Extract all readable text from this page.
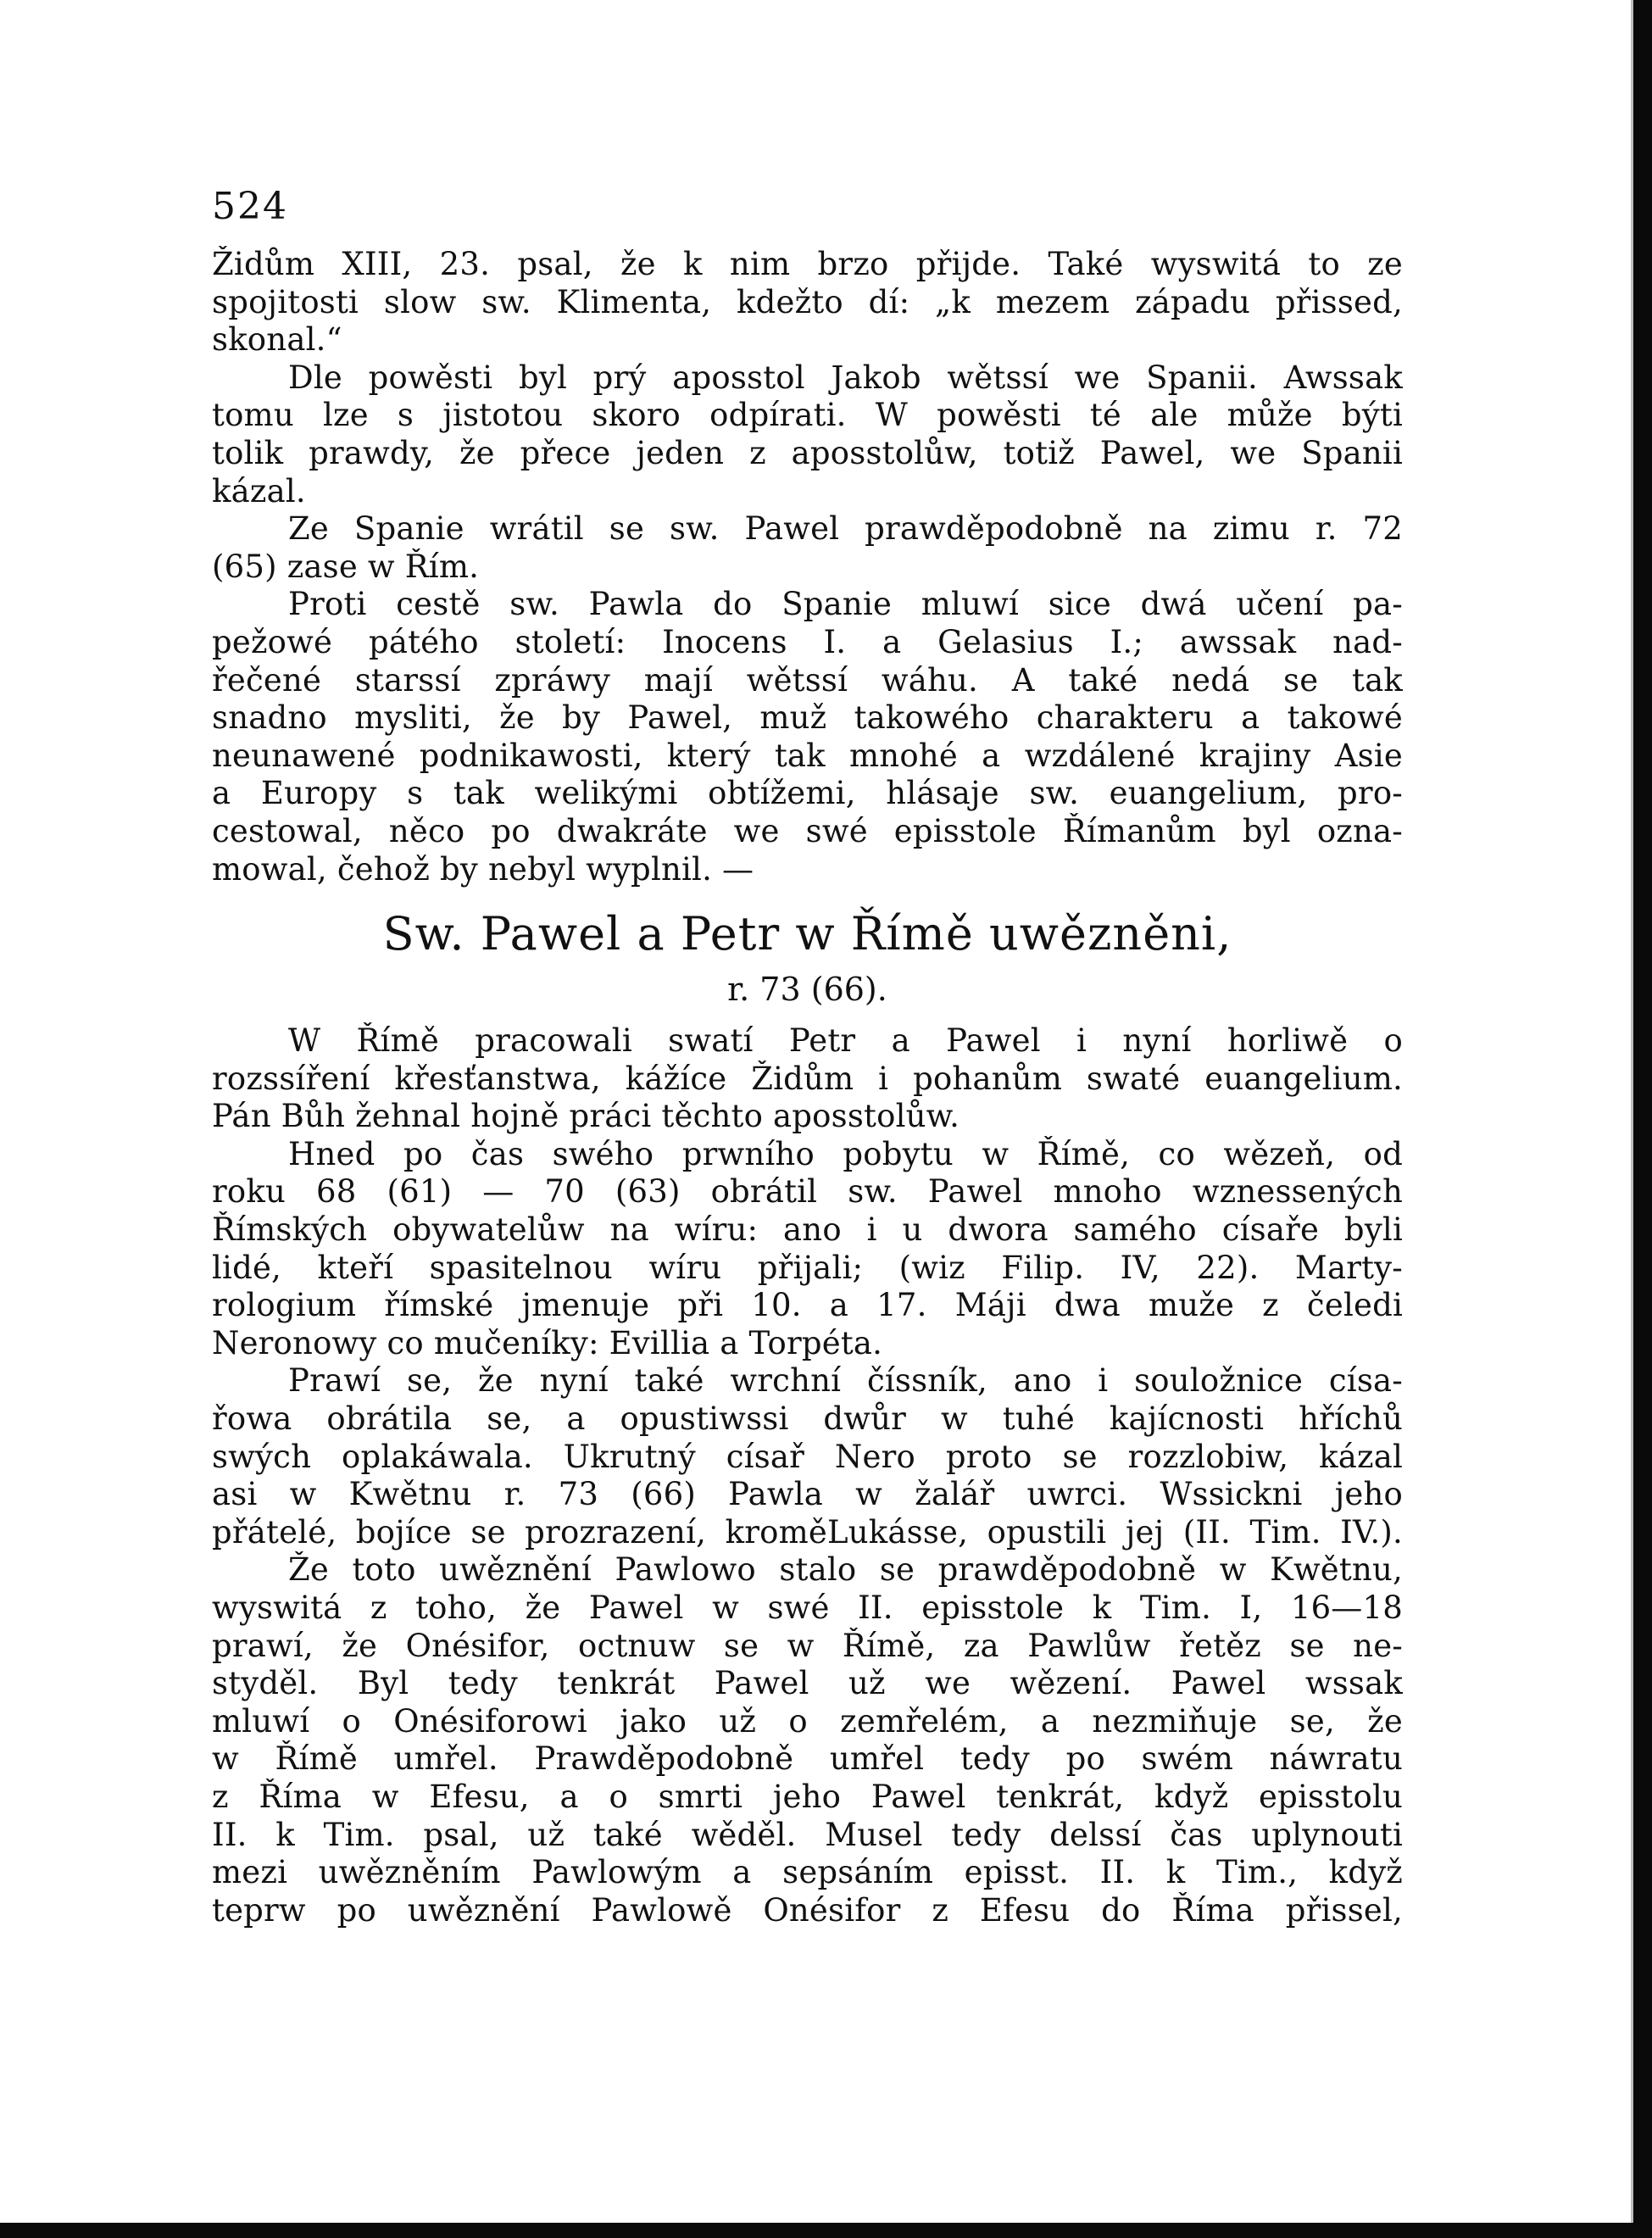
524
Židům XIII, 23. psal, že k nim brzo přijde. Také wyswitá to ze
spojitosti slow sw. Klimenta, kdežto dí: „k mezem západu přissed,
skonal.“
Dle powěsti byl prý aposstol Jakob wětssí we Spanii. Awssak
tomu lze s jistotou skoro odpírati. W powěsti té ale může býti
tolik prawdy, že přece jeden z aposstolůw, totiž Pawel, we Spanii
kázal.
Ze Spanie wrátil se sw. Pawel prawděpodobně na zimu r. 72
(65) zase w Řím.
Proti cestě sw. Pawla do Spanie mluwí sice dwá učení pa-
pežowé pátého století: Inocens I. a Gelasius I.; awssak nad-
řečené starssí zpráwy mají wětssí wáhu. A také nedá se tak
snadno mysliti, že by Pawel, muž takowého charakteru a takowé
neunawené podnikawosti, který tak mnohé a wzdálené krajiny Asie
a Europy s tak welikými obtížemi, hlásaje sw. euangelium, pro-
cestowal, něco po dwakráte we swé episstole Římanům byl ozna-
mowal, čehož by nebyl wyplnil. —
Sw. Pawel a Petr w Římě uwězněni,
r. 73 (66).
W Římě pracowali swatí Petr a Pawel i nyní horliwě o
rozssíření křesťanstwa, kážíce Židům i pohanům swaté euangelium.
Pán Bůh žehnal hojně práci těchto aposstolůw.
Hned po čas swého prwního pobytu w Římě, co wězeň, od
roku 68 (61) — 70 (63) obrátil sw. Pawel mnoho wznessených
Římských obywatelůw na wíru: ano i u dwora samého císaře byli
lidé, kteří spasitelnou wíru přijali; (wiz Filip. IV, 22). Marty-
rologium římské jmenuje při 10. a 17. Máji dwa muže z čeledi
Neronowy co mučeníky: Evillia a Torpéta.
Prawí se, že nyní také wrchní číssník, ano i souložnice císa-
řowa obrátila se, a opustiwssi dwůr w tuhé kajícnosti hříchů
swých oplakáwala. Ukrutný císař Nero proto se rozzlobiw, kázal
asi w Kwětnu r. 73 (66) Pawla w žalář uwrci. Wssickni jeho
přátelé, bojíce se prozrazení, kroměLukásse, opustili jej (II. Tim. IV.).
Že toto uwěznění Pawlowo stalo se prawděpodobně w Kwětnu,
wyswitá z toho, že Pawel w swé II. episstole k Tim. I, 16—18
prawí, že Onésifor, octnuw se w Římě, za Pawlůw řetěz se ne-
styděl. Byl tedy tenkrát Pawel už we wězení. Pawel wssak
mluwí o Onésiforowi jako už o zemřelém, a nezmiňuje se, že
w Římě umřel. Prawděpodobně umřel tedy po swém náwratu
z Říma w Efesu, a o smrti jeho Pawel tenkrát, když episstolu
II. k Tim. psal, už také wěděl. Musel tedy delssí čas uplynouti
mezi uwězněním Pawlowým a sepsáním episst. II. k Tim., když
teprw po uwěznění Pawlowě Onésifor z Efesu do Říma přissel,
